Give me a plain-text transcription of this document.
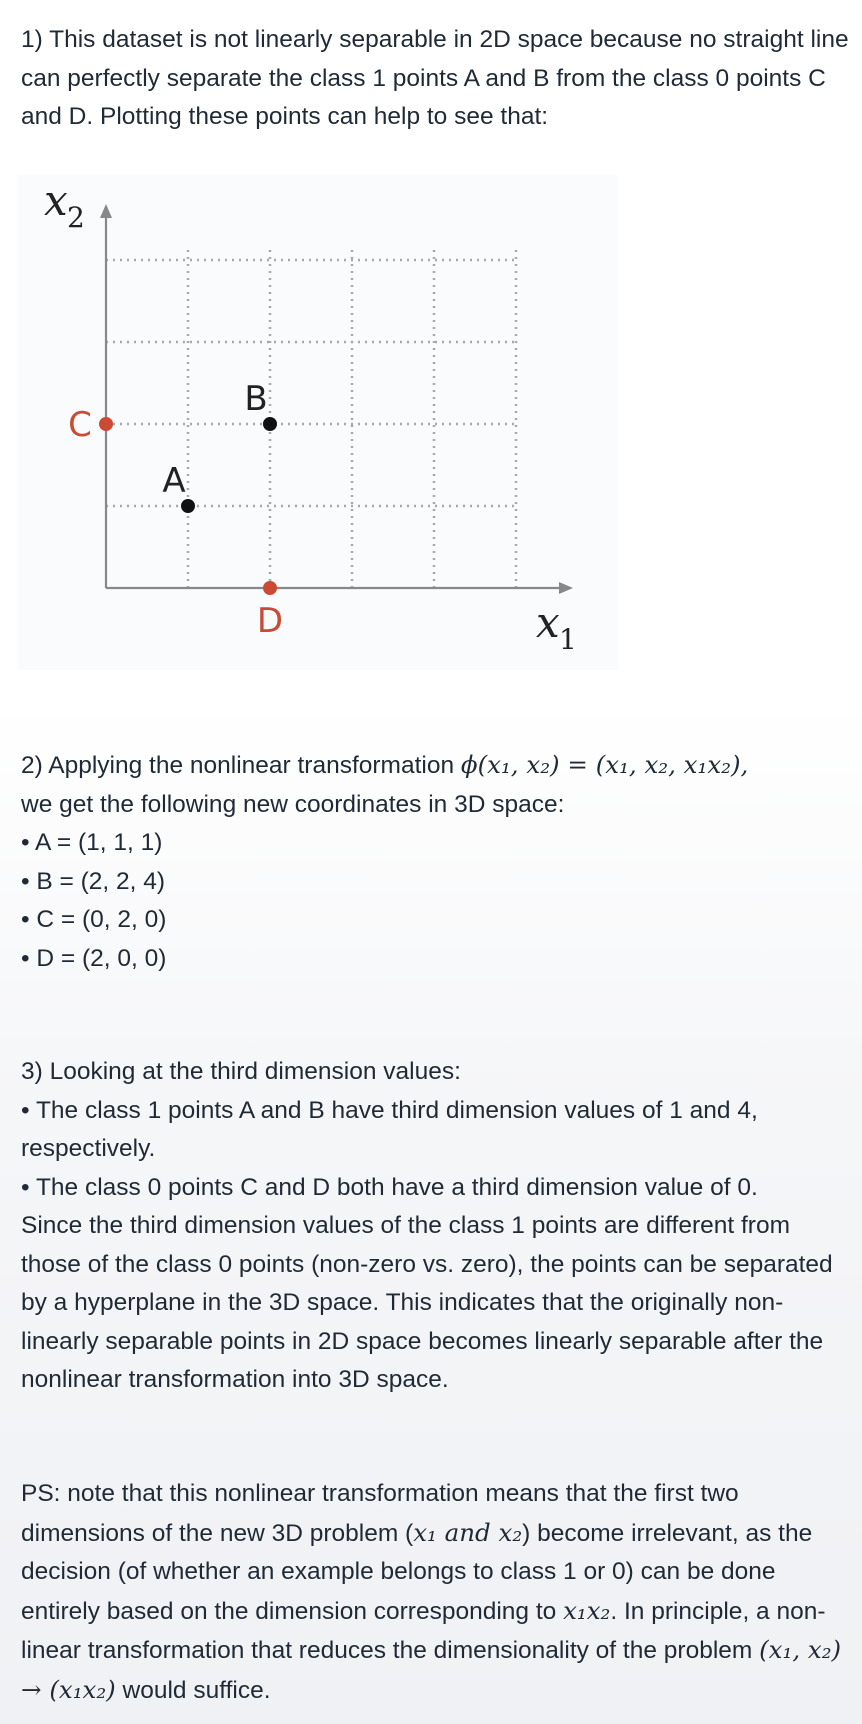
1) This dataset is not linearly separable in 2D space because no straight line can perfectly separate the class 1 points A and B from the class 0 points C and D. Plotting these points can help to see that:

x 1
x 2
A
B
C
D
2) Applying the nonlinear transformation ϕ(x₁, x₂) = (x₁, x₂, x₁x₂),
we get the following new coordinates in 3D space:
• A = (1, 1, 1)
• B = (2, 2, 4)
• C = (0, 2, 0)
• D = (2, 0, 0)
3) Looking at the third dimension values:
• The class 1 points A and B have third dimension values of 1 and 4, respectively.
• The class 0 points C and D both have a third dimension value of 0.
Since the third dimension values of the class 1 points are different from those of the class 0 points (non-zero vs. zero), the points can be separated by a hyperplane in the 3D space. This indicates that the originally non-linearly separable points in 2D space becomes linearly separable after the nonlinear transformation into 3D space.

PS: note that this nonlinear transformation means that the first two dimensions of the new 3D problem (x₁ and x₂) become irrelevant, as the decision (of whether an example belongs to class 1 or 0) can be done entirely based on the dimension corresponding to x₁x₂. In principle, a non-linear transformation that reduces the dimensionality of the problem (x₁, x₂) → (x₁x₂) would suffice.
